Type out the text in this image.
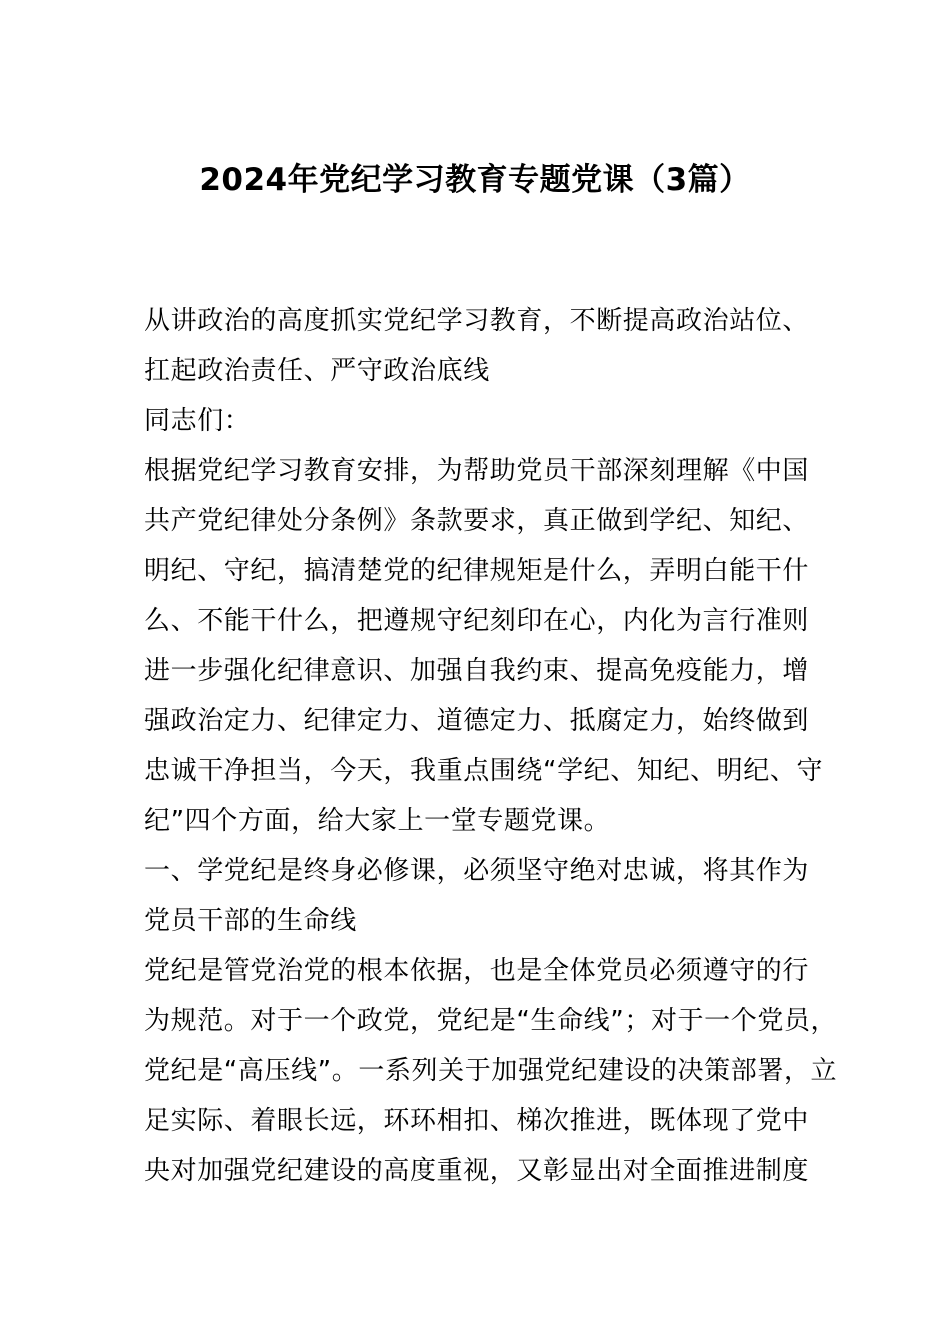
2024年党纪学习教育专题党课（3篇）
从讲政治的高度抓实党纪学习教育，不断提高政治站位、
扛起政治责任、严守政治底线
同志们：
根据党纪学习教育安排，为帮助党员干部深刻理解《中国
共产党纪律处分条例》条款要求，真正做到学纪、知纪、
明纪、守纪，搞清楚党的纪律规矩是什么，弄明白能干什
么、不能干什么，把遵规守纪刻印在心，内化为言行准则
进一步强化纪律意识、加强自我约束、提高免疫能力，增
强政治定力、纪律定力、道德定力、抵腐定力，始终做到
忠诚干净担当，今天，我重点围绕“学纪、知纪、明纪、守
纪”四个方面，给大家上一堂专题党课。
一、学党纪是终身必修课，必须坚守绝对忠诚，将其作为
党员干部的生命线
党纪是管党治党的根本依据，也是全体党员必须遵守的行
为规范。对于一个政党，党纪是“生命线”；对于一个党员，
党纪是“高压线”。一系列关于加强党纪建设的决策部署，立
足实际、着眼长远，环环相扣、梯次推进，既体现了党中
央对加强党纪建设的高度重视，又彰显出对全面推进制度
